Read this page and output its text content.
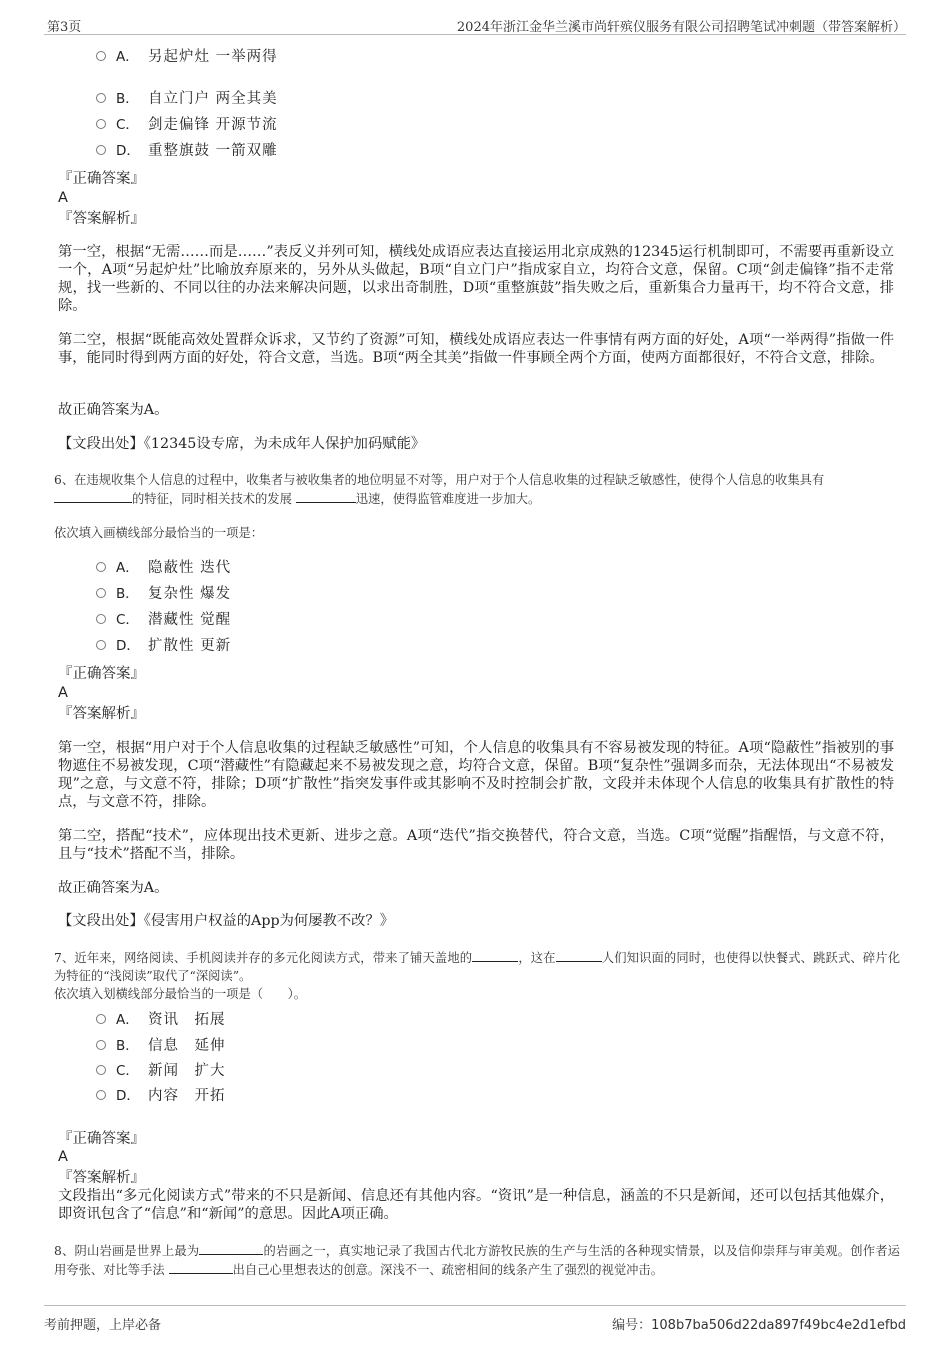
第3页	2024年浙江金华兰溪市尚轩殡仪服务有限公司招聘笔试冲刺题（带答案解析）
A． 另起炉灶 一举两得
B． 自立门户 两全其美
C． 剑走偏锋 开源节流
D． 重整旗鼓 一箭双雕
『正确答案』
A
『答案解析』
第一空，根据“无需……而是……”表反义并列可知，横线处成语应表达直接运用北京成熟的12345运行机制即可，不需要再重新设立一个，A项“另起炉灶”比喻放弃原来的，另外从头做起，B项“自立门户”指成家自立，均符合文意，保留。C项“剑走偏锋”指不走常规，找一些新的、不同以往的办法来解决问题，以求出奇制胜，D项“重整旗鼓”指失败之后，重新集合力量再干，均不符合文意，排除。
第二空，根据“既能高效处置群众诉求，又节约了资源”可知，横线处成语应表达一件事情有两方面的好处，A项“一举两得”指做一件事，能同时得到两方面的好处，符合文意，当选。B项“两全其美”指做一件事顾全两个方面，使两方面都很好，不符合文意，排除。
故正确答案为A。
【文段出处】《12345设专席，为未成年人保护加码赋能》
6、在违规收集个人信息的过程中，收集者与被收集者的地位明显不对等，用户对于个人信息收集的过程缺乏敏感性，使得个人信息的收集具有
的特征，同时相关技术的发展	迅速，使得监管难度进一步加大。
依次填入画横线部分最恰当的一项是：
A． 隐蔽性 迭代
B． 复杂性 爆发
C． 潜藏性 觉醒
D． 扩散性 更新
『正确答案』
A
『答案解析』
第一空，根据“用户对于个人信息收集的过程缺乏敏感性”可知，个人信息的收集具有不容易被发现的特征。A项“隐蔽性”指被别的事物遮住不易被发现，C项“潜藏性”有隐藏起来不易被发现之意，均符合文意，保留。B项“复杂性”强调多而杂，无法体现出“不易被发现”之意，与文意不符，排除；D项“扩散性”指突发事件或其影响不及时控制会扩散，文段并未体现个人信息的收集具有扩散性的特点，与文意不符，排除。
第二空，搭配“技术”，应体现出技术更新、进步之意。A项“迭代”指交换替代，符合文意，当选。C项“觉醒”指醒悟，与文意不符，且与“技术”搭配不当，排除。
故正确答案为A。
【文段出处】《侵害用户权益的App为何屡教不改？》
7、近年来，网络阅读、手机阅读并存的多元化阅读方式，带来了铺天盖地的	，这在	人们知识面的同时，也使得以快餐式、跳跃式、碎片化为特征的“浅阅读”取代了“深阅读”。
依次填入划横线部分最恰当的一项是（　　）。
A． 资讯　拓展
B． 信息　延伸
C． 新闻　扩大
D． 内容　开拓
『正确答案』
A
『答案解析』
文段指出“多元化阅读方式”带来的不只是新闻、信息还有其他内容。“资讯”是一种信息，涵盖的不只是新闻，还可以包括其他媒介，即资讯包含了“信息”和“新闻”的意思。因此A项正确。
8、阴山岩画是世界上最为	的岩画之一，真实地记录了我国古代北方游牧民族的生产与生活的各种现实情景，以及信仰崇拜与审美观。创作者运用夸张、对比等手法	出自己心里想表达的创意。深浅不一、疏密相间的线条产生了强烈的视觉冲击。
考前押题，上岸必备	编号：108b7ba506d22da897f49bc4e2d1efbd
